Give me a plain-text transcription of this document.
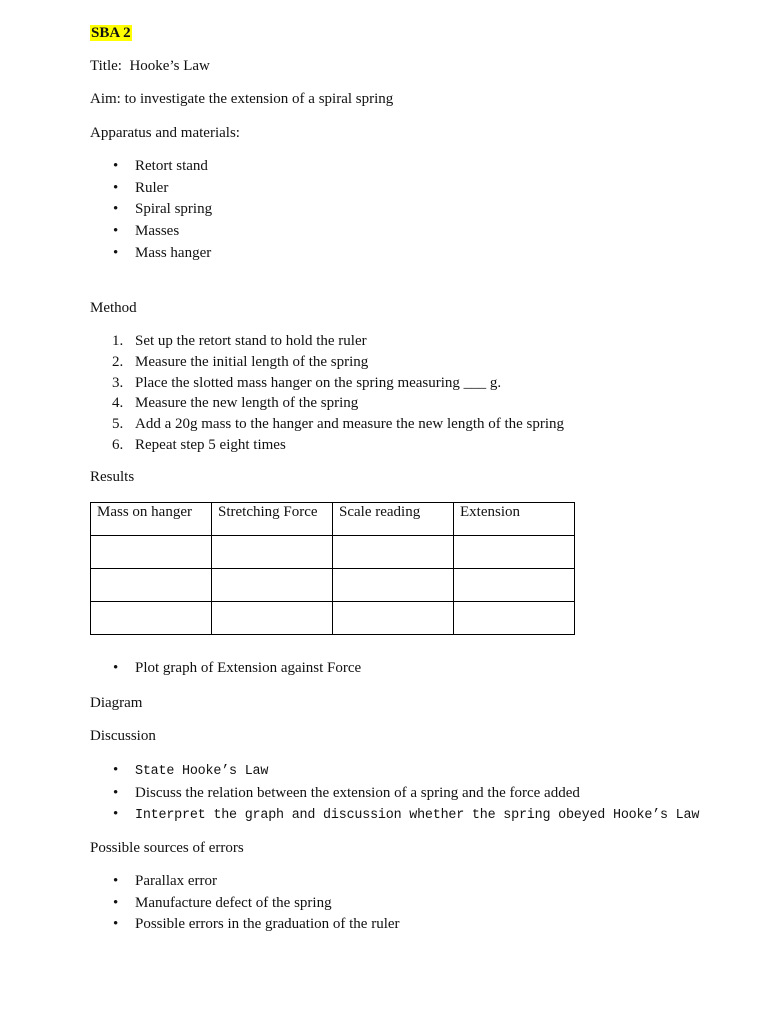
SBA 2
Title: Hooke’s Law
Aim: to investigate the extension of a spiral spring
Apparatus and materials:
• Retort stand
• Ruler
• Spiral spring
• Masses
• Mass hanger
Method
1. Set up the retort stand to hold the ruler
2. Measure the initial length of the spring
3. Place the slotted mass hanger on the spring measuring ___ g.
4. Measure the new length of the spring
5. Add a 20g mass to the hanger and measure the new length of the spring
6. Repeat step 5 eight times
Results
Mass on hanger	Stretching Force	Scale reading	Extension

• Plot graph of Extension against Force
Diagram
Discussion
• State Hooke’s Law
• Discuss the relation between the extension of a spring and the force added
• Interpret the graph and discussion whether the spring obeyed Hooke’s Law
Possible sources of errors
• Parallax error
• Manufacture defect of the spring
• Possible errors in the graduation of the ruler
